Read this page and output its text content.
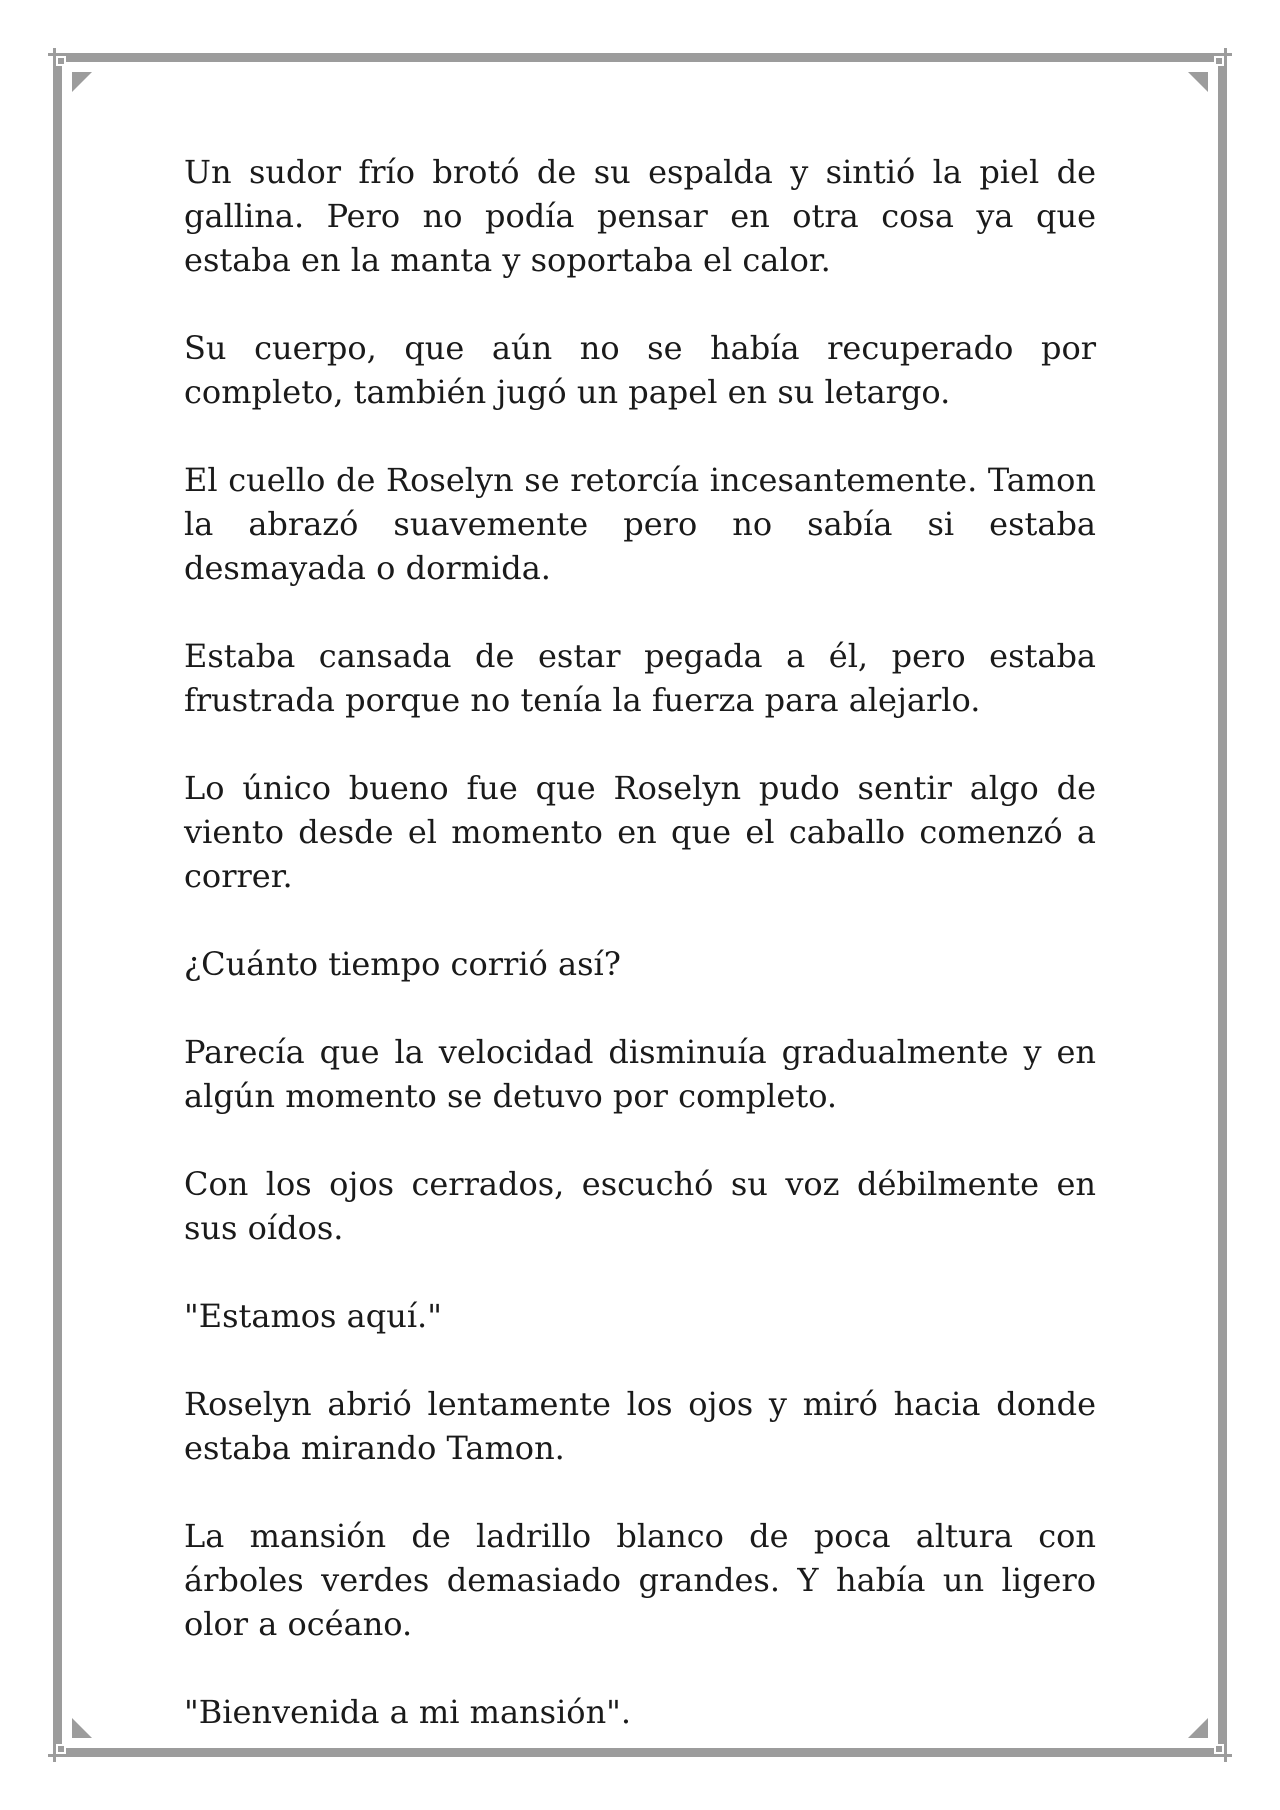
Un sudor frío brotó de su espalda y sintió la piel de gallina. Pero no podía pensar en otra cosa ya que estaba en la manta y soportaba el calor.

Su cuerpo, que aún no se había recuperado por completo, también jugó un papel en su letargo.

El cuello de Roselyn se retorcía incesantemente. Tamon la abrazó suavemente pero no sabía si estaba desmayada o dormida.

Estaba cansada de estar pegada a él, pero estaba frustrada porque no tenía la fuerza para alejarlo.

Lo único bueno fue que Roselyn pudo sentir algo de viento desde el momento en que el caballo comenzó a correr.

¿Cuánto tiempo corrió así?

Parecía que la velocidad disminuía gradualmente y en algún momento se detuvo por completo.

Con los ojos cerrados, escuchó su voz débilmente en sus oídos.

"Estamos aquí."

Roselyn abrió lentamente los ojos y miró hacia donde estaba mirando Tamon.

La mansión de ladrillo blanco de poca altura con árboles verdes demasiado grandes. Y había un ligero olor a océano.

"Bienvenida a mi mansión".
